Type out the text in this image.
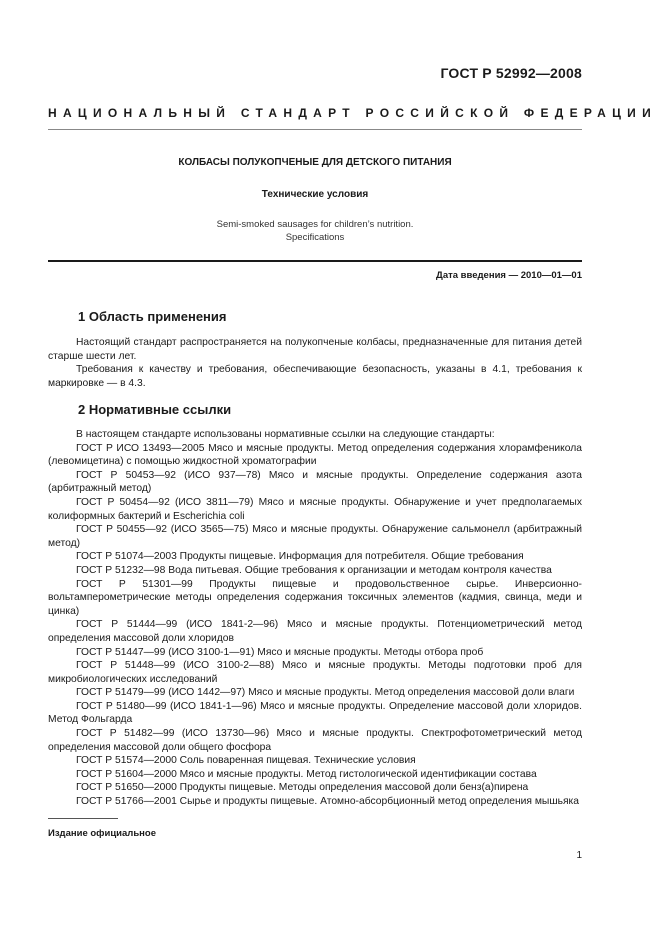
ГОСТ Р 52992—2008
НАЦИОНАЛЬНЫЙ СТАНДАРТ РОССИЙСКОЙ ФЕДЕРАЦИИ
КОЛБАСЫ ПОЛУКОПЧЕНЫЕ ДЛЯ ДЕТСКОГО ПИТАНИЯ
Технические условия
Semi-smoked sausages for children’s nutrition.
Specifications
Дата введения — 2010—01—01
1 Область применения

Настоящий стандарт распространяется на полукопченые колбасы, предназначенные для питания детей старше шести лет.

Требования к качеству и требования, обеспечивающие безопасность, указаны в 4.1, требования к маркировке — в 4.3.

2 Нормативные ссылки

В настоящем стандарте использованы нормативные ссылки на следующие стандарты:

ГОСТ Р ИСО 13493—2005 Мясо и мясные продукты. Метод определения содержания хлорамфеникола (левомицетина) с помощью жидкостной хроматографии

ГОСТ Р 50453—92 (ИСО 937—78) Мясо и мясные продукты. Определение содержания азота (арбитражный метод)

ГОСТ Р 50454—92 (ИСО 3811—79) Мясо и мясные продукты. Обнаружение и учет предполагаемых колиформных бактерий и Escherichia coli

ГОСТ Р 50455—92 (ИСО 3565—75) Мясо и мясные продукты. Обнаружение сальмонелл (арбитражный метод)

ГОСТ Р 51074—2003 Продукты пищевые. Информация для потребителя. Общие требования

ГОСТ Р 51232—98 Вода питьевая. Общие требования к организации и методам контроля качества

ГОСТ Р 51301—99 Продукты пищевые и продовольственное сырье. Инверсионно-вольтамперометрические методы определения содержания токсичных элементов (кадмия, свинца, меди и цинка)

ГОСТ Р 51444—99 (ИСО 1841-2—96) Мясо и мясные продукты. Потенциометрический метод определения массовой доли хлоридов

ГОСТ Р 51447—99 (ИСО 3100-1—91) Мясо и мясные продукты. Методы отбора проб

ГОСТ Р 51448—99 (ИСО 3100-2—88) Мясо и мясные продукты. Методы подготовки проб для микробиологических исследований

ГОСТ Р 51479—99 (ИСО 1442—97) Мясо и мясные продукты. Метод определения массовой доли влаги

ГОСТ Р 51480—99 (ИСО 1841-1—96) Мясо и мясные продукты. Определение массовой доли хлоридов. Метод Фольгарда

ГОСТ Р 51482—99 (ИСО 13730—96) Мясо и мясные продукты. Спектрофотометрический метод определения массовой доли общего фосфора

ГОСТ Р 51574—2000 Соль поваренная пищевая. Технические условия

ГОСТ Р 51604—2000 Мясо и мясные продукты. Метод гистологической идентификации состава

ГОСТ Р 51650—2000 Продукты пищевые. Методы определения массовой доли бенз(а)пирена

ГОСТ Р 51766—2001 Сырье и продукты пищевые. Атомно-абсорбционный метод определения мышьяка

Издание официальное
1
